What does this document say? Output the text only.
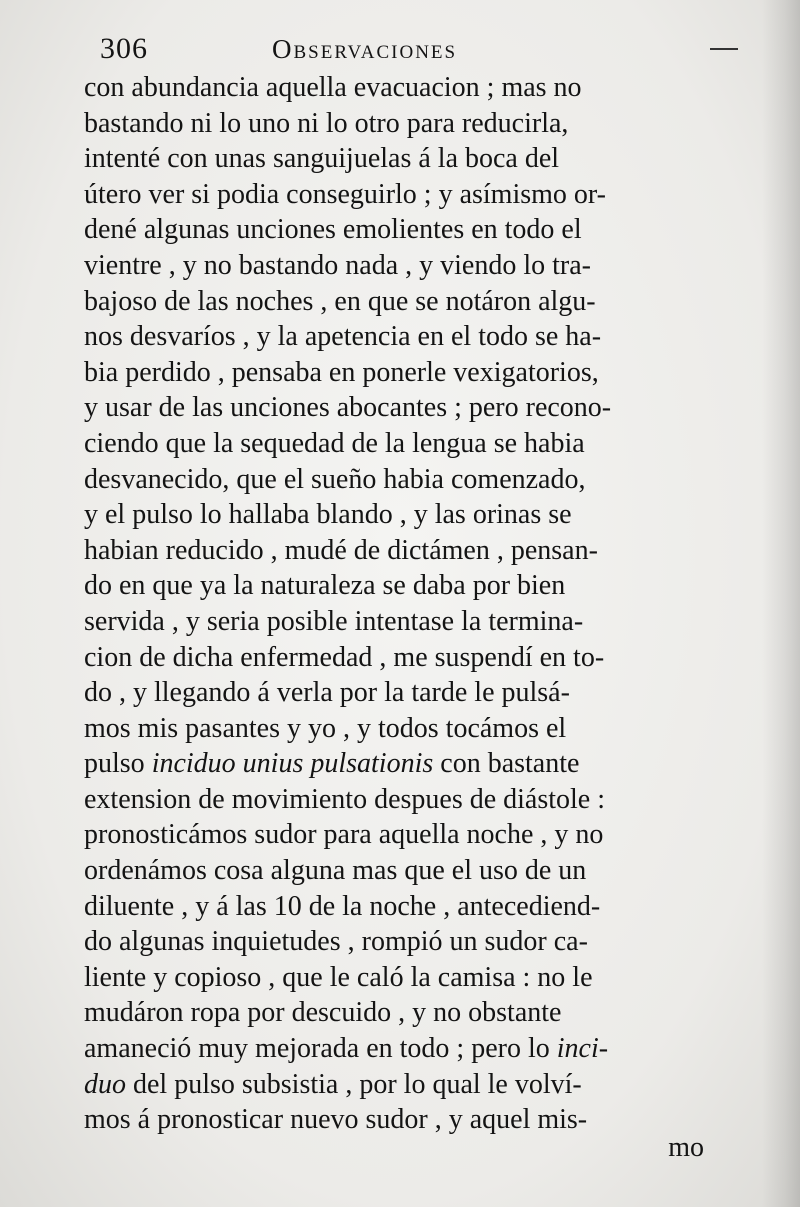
306	Observaciones
con abundancia aquella evacuacion ; mas no
bastando ni lo uno ni lo otro para reducirla,
intenté con unas sanguijuelas á la boca del
útero ver si podia conseguirlo ; y asímismo or-
dené algunas unciones emolientes en todo el
vientre , y no bastando nada , y viendo lo tra-
bajoso de las noches , en que se notáron algu-
nos desvaríos , y la apetencia en el todo se ha-
bia perdido , pensaba en ponerle vexigatorios,
y usar de las unciones abocantes ; pero recono-
ciendo que la sequedad de la lengua se habia
desvanecido, que el sueño habia comenzado,
y el pulso lo hallaba blando , y las orinas se
habian reducido , mudé de dictámen , pensan-
do en que ya la naturaleza se daba por bien
servida , y seria posible intentase la termina-
cion de dicha enfermedad , me suspendí en to-
do , y llegando á verla por la tarde le pulsá-
mos mis pasantes y yo , y todos tocámos el
pulso inciduo unius pulsationis con bastante
extension de movimiento despues de diástole :
pronosticámos sudor para aquella noche , y no
ordenámos cosa alguna mas que el uso de un
diluente , y á las 10 de la noche , antecediend-
do algunas inquietudes , rompió un sudor ca-
liente y copioso , que le caló la camisa : no le
mudáron ropa por descuido , y no obstante
amaneció muy mejorada en todo ; pero lo inci-
duo del pulso subsistia , por lo qual le volví-
mos á pronosticar nuevo sudor , y aquel mis-
mo
